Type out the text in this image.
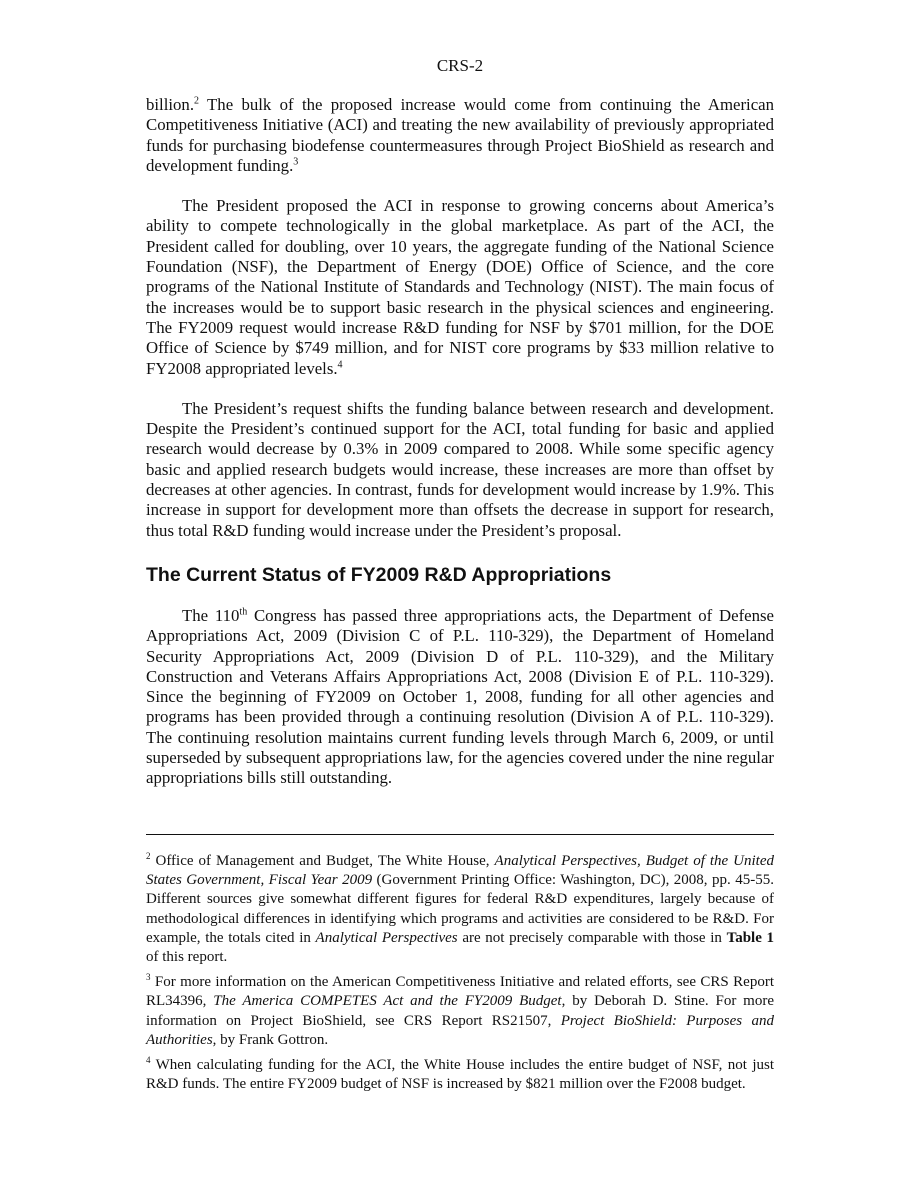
CRS-2

billion.$^2$ The bulk of the proposed increase would come from continuing the American Competitiveness Initiative (ACI) and treating the new availability of previously appropriated funds for purchasing biodefense countermeasures through Project BioShield as research and development funding.$^3$

The President proposed the ACI in response to growing concerns about America’s ability to compete technologically in the global marketplace. As part of the ACI, the President called for doubling, over 10 years, the aggregate funding of the National Science Foundation (NSF), the Department of Energy (DOE) Office of Science, and the core programs of the National Institute of Standards and Technology (NIST). The main focus of the increases would be to support basic research in the physical sciences and engineering. The FY2009 request would increase R&D funding for NSF by $701 million, for the DOE Office of Science by $749 million, and for NIST core programs by $33 million relative to FY2008 appropriated levels.$^4$

The President’s request shifts the funding balance between research and development. Despite the President’s continued support for the ACI, total funding for basic and applied research would decrease by 0.3% in 2009 compared to 2008. While some specific agency basic and applied research budgets would increase, these increases are more than offset by decreases at other agencies. In contrast, funds for development would increase by 1.9%. This increase in support for development more than offsets the decrease in support for research, thus total R&D funding would increase under the President’s proposal.

The Current Status of FY2009 R&D Appropriations

The 110th Congress has passed three appropriations acts, the Department of Defense Appropriations Act, 2009 (Division C of P.L. 110-329), the Department of Homeland Security Appropriations Act, 2009 (Division D of P.L. 110-329), and the Military Construction and Veterans Affairs Appropriations Act, 2008 (Division E of P.L. 110-329). Since the beginning of FY2009 on October 1, 2008, funding for all other agencies and programs has been provided through a continuing resolution (Division A of P.L. 110-329). The continuing resolution maintains current funding levels through March 6, 2009, or until superseded by subsequent appropriations law, for the agencies covered under the nine regular appropriations bills still outstanding.

$^2$ Office of Management and Budget, The White House, Analytical Perspectives, Budget of the United States Government, Fiscal Year 2009 (Government Printing Office: Washington, DC), 2008, pp. 45-55. Different sources give somewhat different figures for federal R&D expenditures, largely because of methodological differences in identifying which programs and activities are considered to be R&D. For example, the totals cited in Analytical Perspectives are not precisely comparable with those in Table 1 of this report.

$^3$ For more information on the American Competitiveness Initiative and related efforts, see CRS Report RL34396, The America COMPETES Act and the FY2009 Budget, by Deborah D. Stine. For more information on Project BioShield, see CRS Report RS21507, Project BioShield: Purposes and Authorities, by Frank Gottron.

$^4$ When calculating funding for the ACI, the White House includes the entire budget of NSF, not just R&D funds. The entire FY2009 budget of NSF is increased by $821 million over the F2008 budget.
